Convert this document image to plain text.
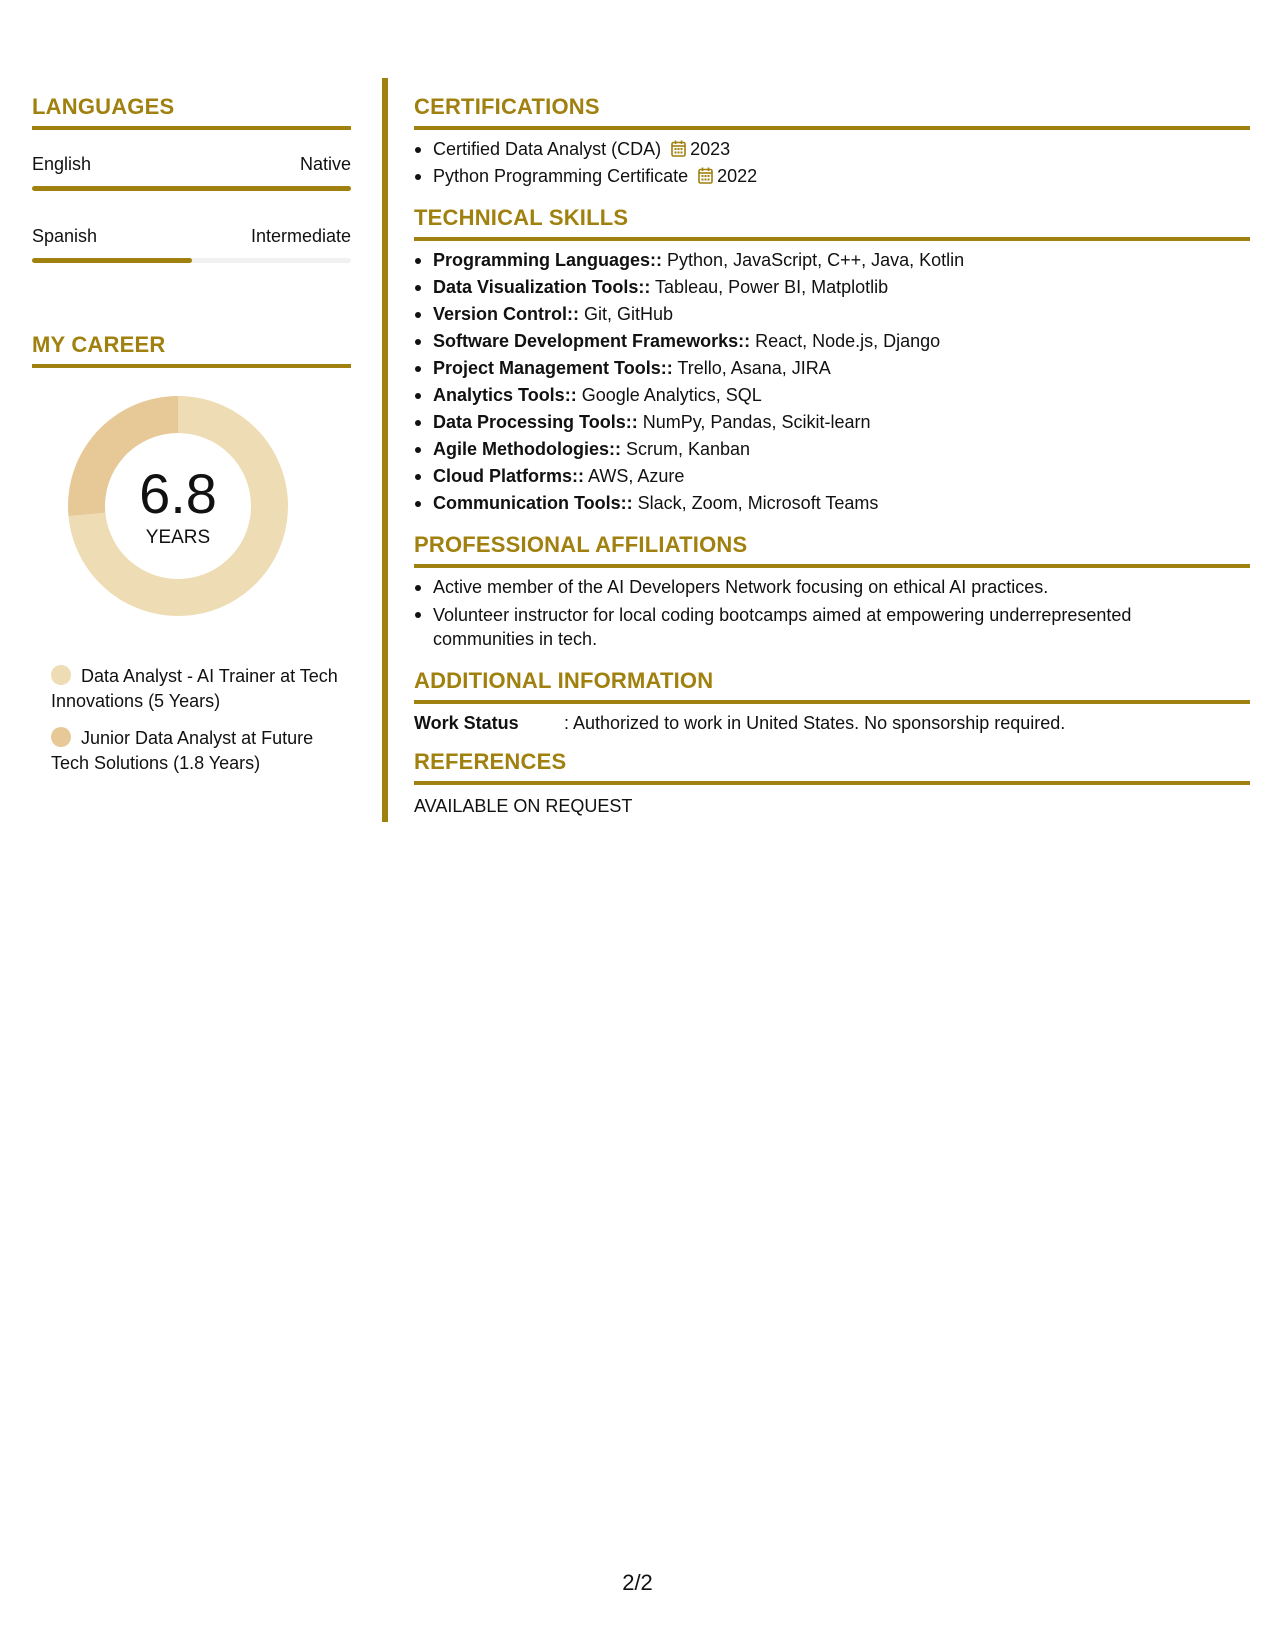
LANGUAGES
English	Native
Spanish	Intermediate
MY CAREER
6.8
YEARS
Data Analyst - AI Trainer at Tech Innovations (5 Years)
Junior Data Analyst at Future Tech Solutions (1.8 Years)
CERTIFICATIONS
Certified Data Analyst (CDA) 2023
Python Programming Certificate 2022
TECHNICAL SKILLS
Programming Languages:: Python, JavaScript, C++, Java, Kotlin
Data Visualization Tools:: Tableau, Power BI, Matplotlib
Version Control:: Git, GitHub
Software Development Frameworks:: React, Node.js, Django
Project Management Tools:: Trello, Asana, JIRA
Analytics Tools:: Google Analytics, SQL
Data Processing Tools:: NumPy, Pandas, Scikit-learn
Agile Methodologies:: Scrum, Kanban
Cloud Platforms:: AWS, Azure
Communication Tools:: Slack, Zoom, Microsoft Teams
PROFESSIONAL AFFILIATIONS
Active member of the AI Developers Network focusing on ethical AI practices.
Volunteer instructor for local coding bootcamps aimed at empowering underrepresented communities in tech.
ADDITIONAL INFORMATION
Work Status	: Authorized to work in United States. No sponsorship required.
REFERENCES
AVAILABLE ON REQUEST
2/2
